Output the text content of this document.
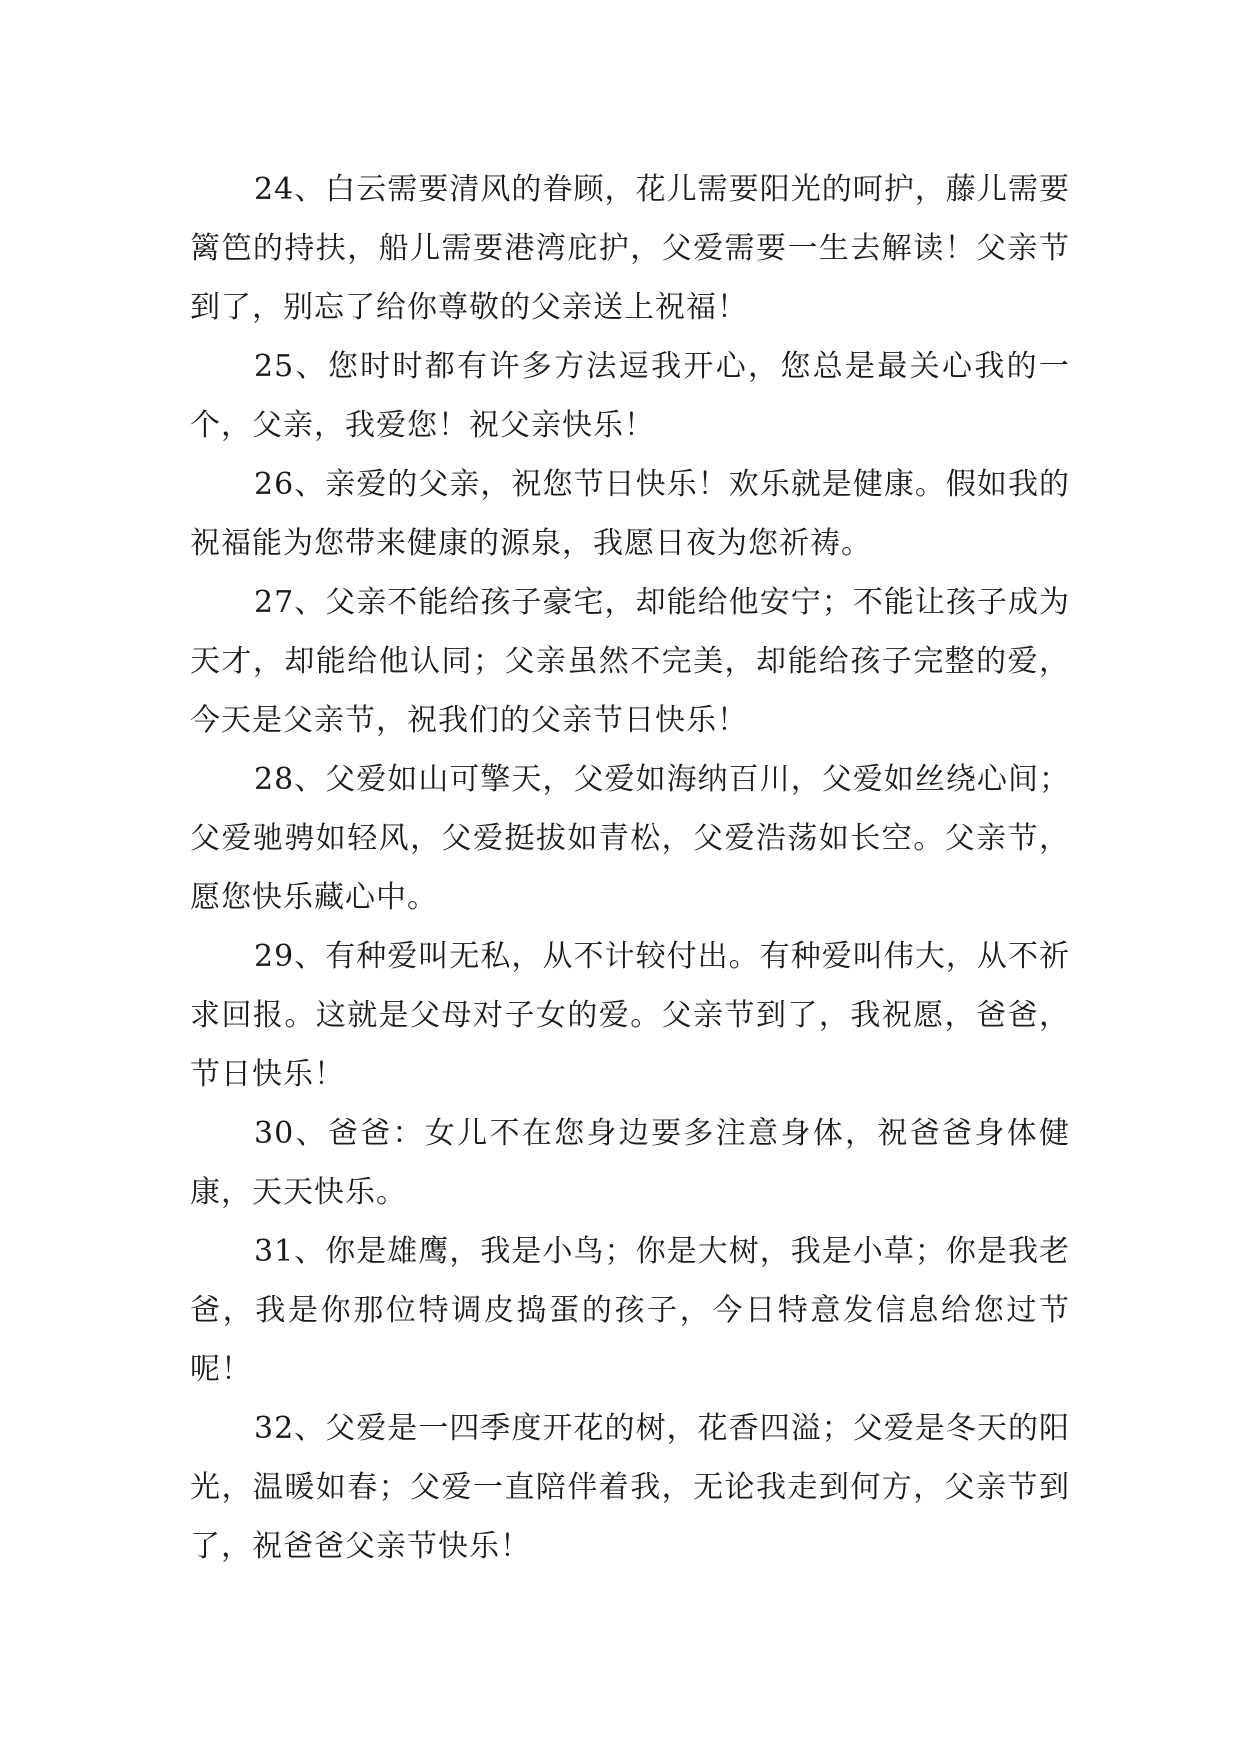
24、白云需要清风的眷顾，花儿需要阳光的呵护，藤儿需要篱笆的持扶，船儿需要港湾庇护，父爱需要一生去解读！父亲节到了，别忘了给你尊敬的父亲送上祝福！

25、您时时都有许多方法逗我开心，您总是最关心我的一个，父亲，我爱您！祝父亲快乐！

26、亲爱的父亲，祝您节日快乐！欢乐就是健康。假如我的祝福能为您带来健康的源泉，我愿日夜为您祈祷。

27、父亲不能给孩子豪宅，却能给他安宁；不能让孩子成为天才，却能给他认同；父亲虽然不完美，却能给孩子完整的爱，今天是父亲节，祝我们的父亲节日快乐！

28、父爱如山可擎天，父爱如海纳百川，父爱如丝绕心间；父爱驰骋如轻风，父爱挺拔如青松，父爱浩荡如长空。父亲节，愿您快乐藏心中。

29、有种爱叫无私，从不计较付出。有种爱叫伟大，从不祈求回报。这就是父母对子女的爱。父亲节到了，我祝愿，爸爸，节日快乐！

30、爸爸：女儿不在您身边要多注意身体，祝爸爸身体健康，天天快乐。

31、你是雄鹰，我是小鸟；你是大树，我是小草；你是我老爸，我是你那位特调皮捣蛋的孩子，今日特意发信息给您过节呢！

32、父爱是一四季度开花的树，花香四溢；父爱是冬天的阳光，温暖如春；父爱一直陪伴着我，无论我走到何方，父亲节到了，祝爸爸父亲节快乐！
